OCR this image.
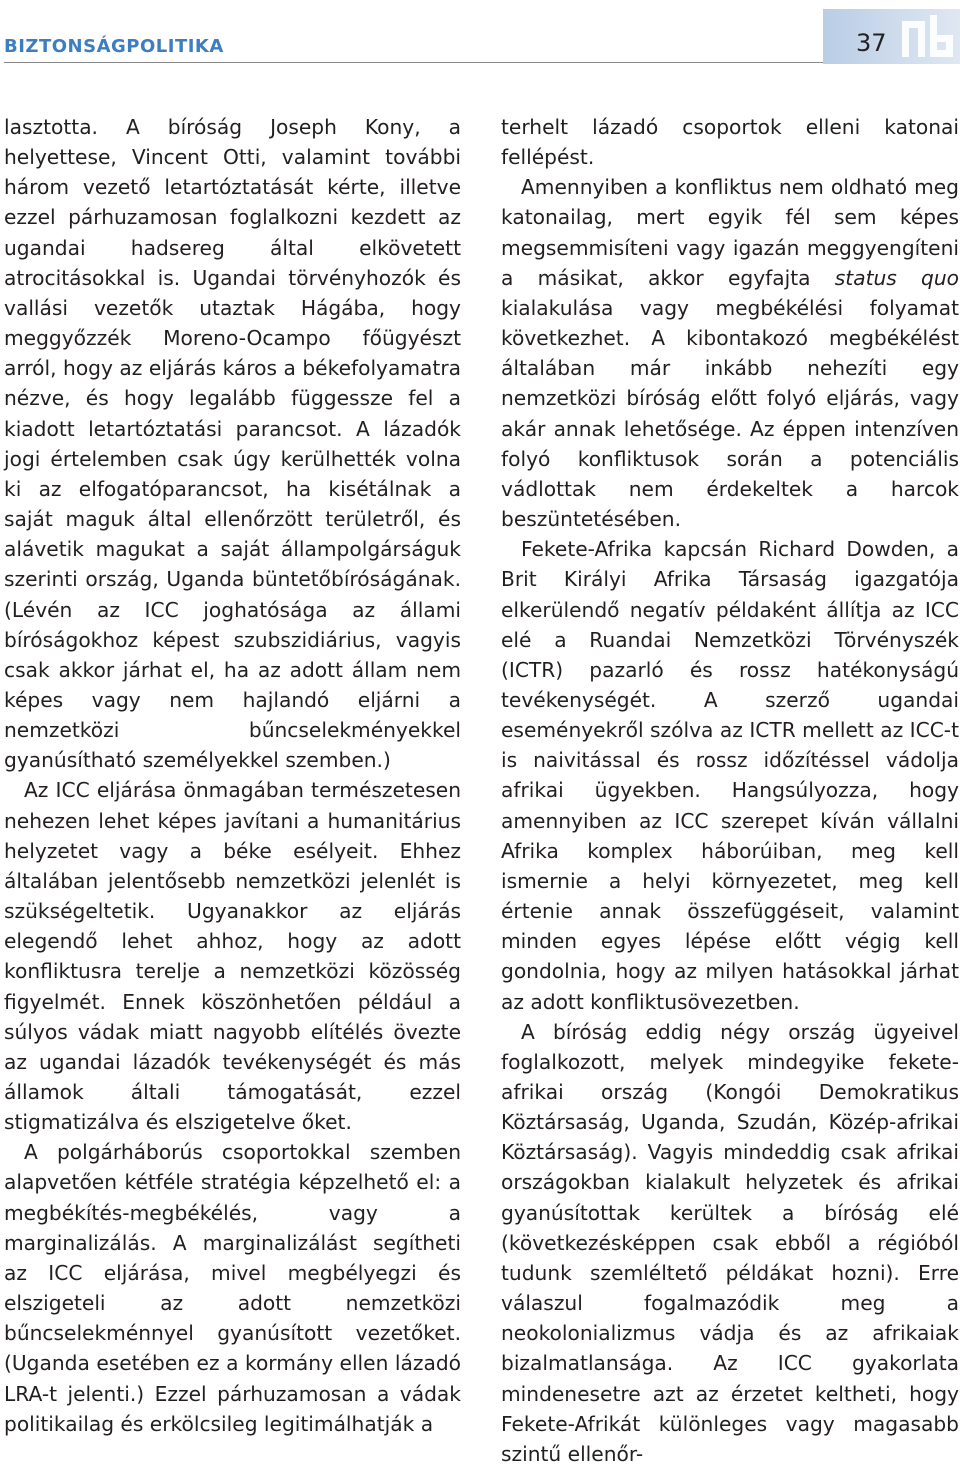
BIZTONSÁGPOLITIKA	37

lasztotta. A bíróság Joseph Kony, a helyettese, Vincent Otti, valamint további három vezető letartóztatását kérte, illetve ezzel párhuzamosan foglalkozni kezdett az ugandai hadsereg által elkövetett atrocitásokkal is. Ugandai törvényhozók és vallási vezetők utaztak Hágába, hogy meggyőzzék Moreno-Ocampo főügyészt arról, hogy az eljárás káros a békefolyamatra nézve, és hogy legalább függessze fel a kiadott letartóztatási parancsot. A lázadók jogi értelemben csak úgy kerülhették volna ki az elfogatóparancsot, ha kisétálnak a saját maguk által ellenőrzött területről, és alávetik magukat a saját állampolgárságuk szerinti ország, Uganda büntetőbíróságának. (Lévén az ICC joghatósága az állami bíróságokhoz képest szubszidiárius, vagyis csak akkor járhat el, ha az adott állam nem képes vagy nem hajlandó eljárni a nemzetközi bűncselekményekkel gyanúsítható személyekkel szemben.)

Az ICC eljárása önmagában természetesen nehezen lehet képes javítani a humanitárius helyzetet vagy a béke esélyeit. Ehhez általában jelentősebb nemzetközi jelenlét is szükségeltetik. Ugyanakkor az eljárás elegendő lehet ahhoz, hogy az adott konfliktusra terelje a nemzetközi közösség figyelmét. Ennek köszönhetően például a súlyos vádak miatt nagyobb elítélés övezte az ugandai lázadók tevékenységét és más államok általi támogatását, ezzel stigmatizálva és elszigetelve őket.

A polgárháborús csoportokkal szemben alapvetően kétféle stratégia képzelhető el: a megbékítés-megbékélés, vagy a marginalizálás. A marginalizálást segítheti az ICC eljárása, mivel megbélyegzi és elszigeteli az adott nemzetközi bűncselekménnyel gyanúsított vezetőket. (Uganda esetében ez a kormány ellen lázadó LRA-t jelenti.) Ezzel párhuzamosan a vádak politikailag és erkölcsileg legitimálhatják a

terhelt lázadó csoportok elleni katonai fellépést.

Amennyiben a konfliktus nem oldható meg katonailag, mert egyik fél sem képes megsemmisíteni vagy igazán meggyengíteni a másikat, akkor egyfajta status quo kialakulása vagy megbékélési folyamat következhet. A kibontakozó megbékélést általában már inkább nehezíti egy nemzetközi bíróság előtt folyó eljárás, vagy akár annak lehetősége. Az éppen intenzíven folyó konfliktusok során a potenciális vádlottak nem érdekeltek a harcok beszüntetésében.

Fekete-Afrika kapcsán Richard Dowden, a Brit Királyi Afrika Társaság igazgatója elkerülendő negatív példaként állítja az ICC elé a Ruandai Nemzetközi Törvényszék (ICTR) pazarló és rossz hatékonyságú tevékenységét. A szerző ugandai eseményekről szólva az ICTR mellett az ICC-t is naivitással és rossz időzítéssel vádolja afrikai ügyekben. Hangsúlyozza, hogy amennyiben az ICC szerepet kíván vállalni Afrika komplex háborúiban, meg kell ismernie a helyi környezetet, meg kell értenie annak összefüggéseit, valamint minden egyes lépése előtt végig kell gondolnia, hogy az milyen hatásokkal járhat az adott konfliktusövezetben.

A bíróság eddig négy ország ügyeivel foglalkozott, melyek mindegyike fekete-afrikai ország (Kongói Demokratikus Köztársaság, Uganda, Szudán, Közép-afrikai Köztársaság). Vagyis mindeddig csak afrikai országokban kialakult helyzetek és afrikai gyanúsítottak kerültek a bíróság elé (következésképpen csak ebből a régióból tudunk szemléltető példákat hozni). Erre válaszul fogalmazódik meg a neokolonializmus vádja és az afrikaiak bizalmatlansága. Az ICC gyakorlata mindenesetre azt az érzetet keltheti, hogy Fekete-Afrikát különleges vagy magasabb szintű ellenőr-
